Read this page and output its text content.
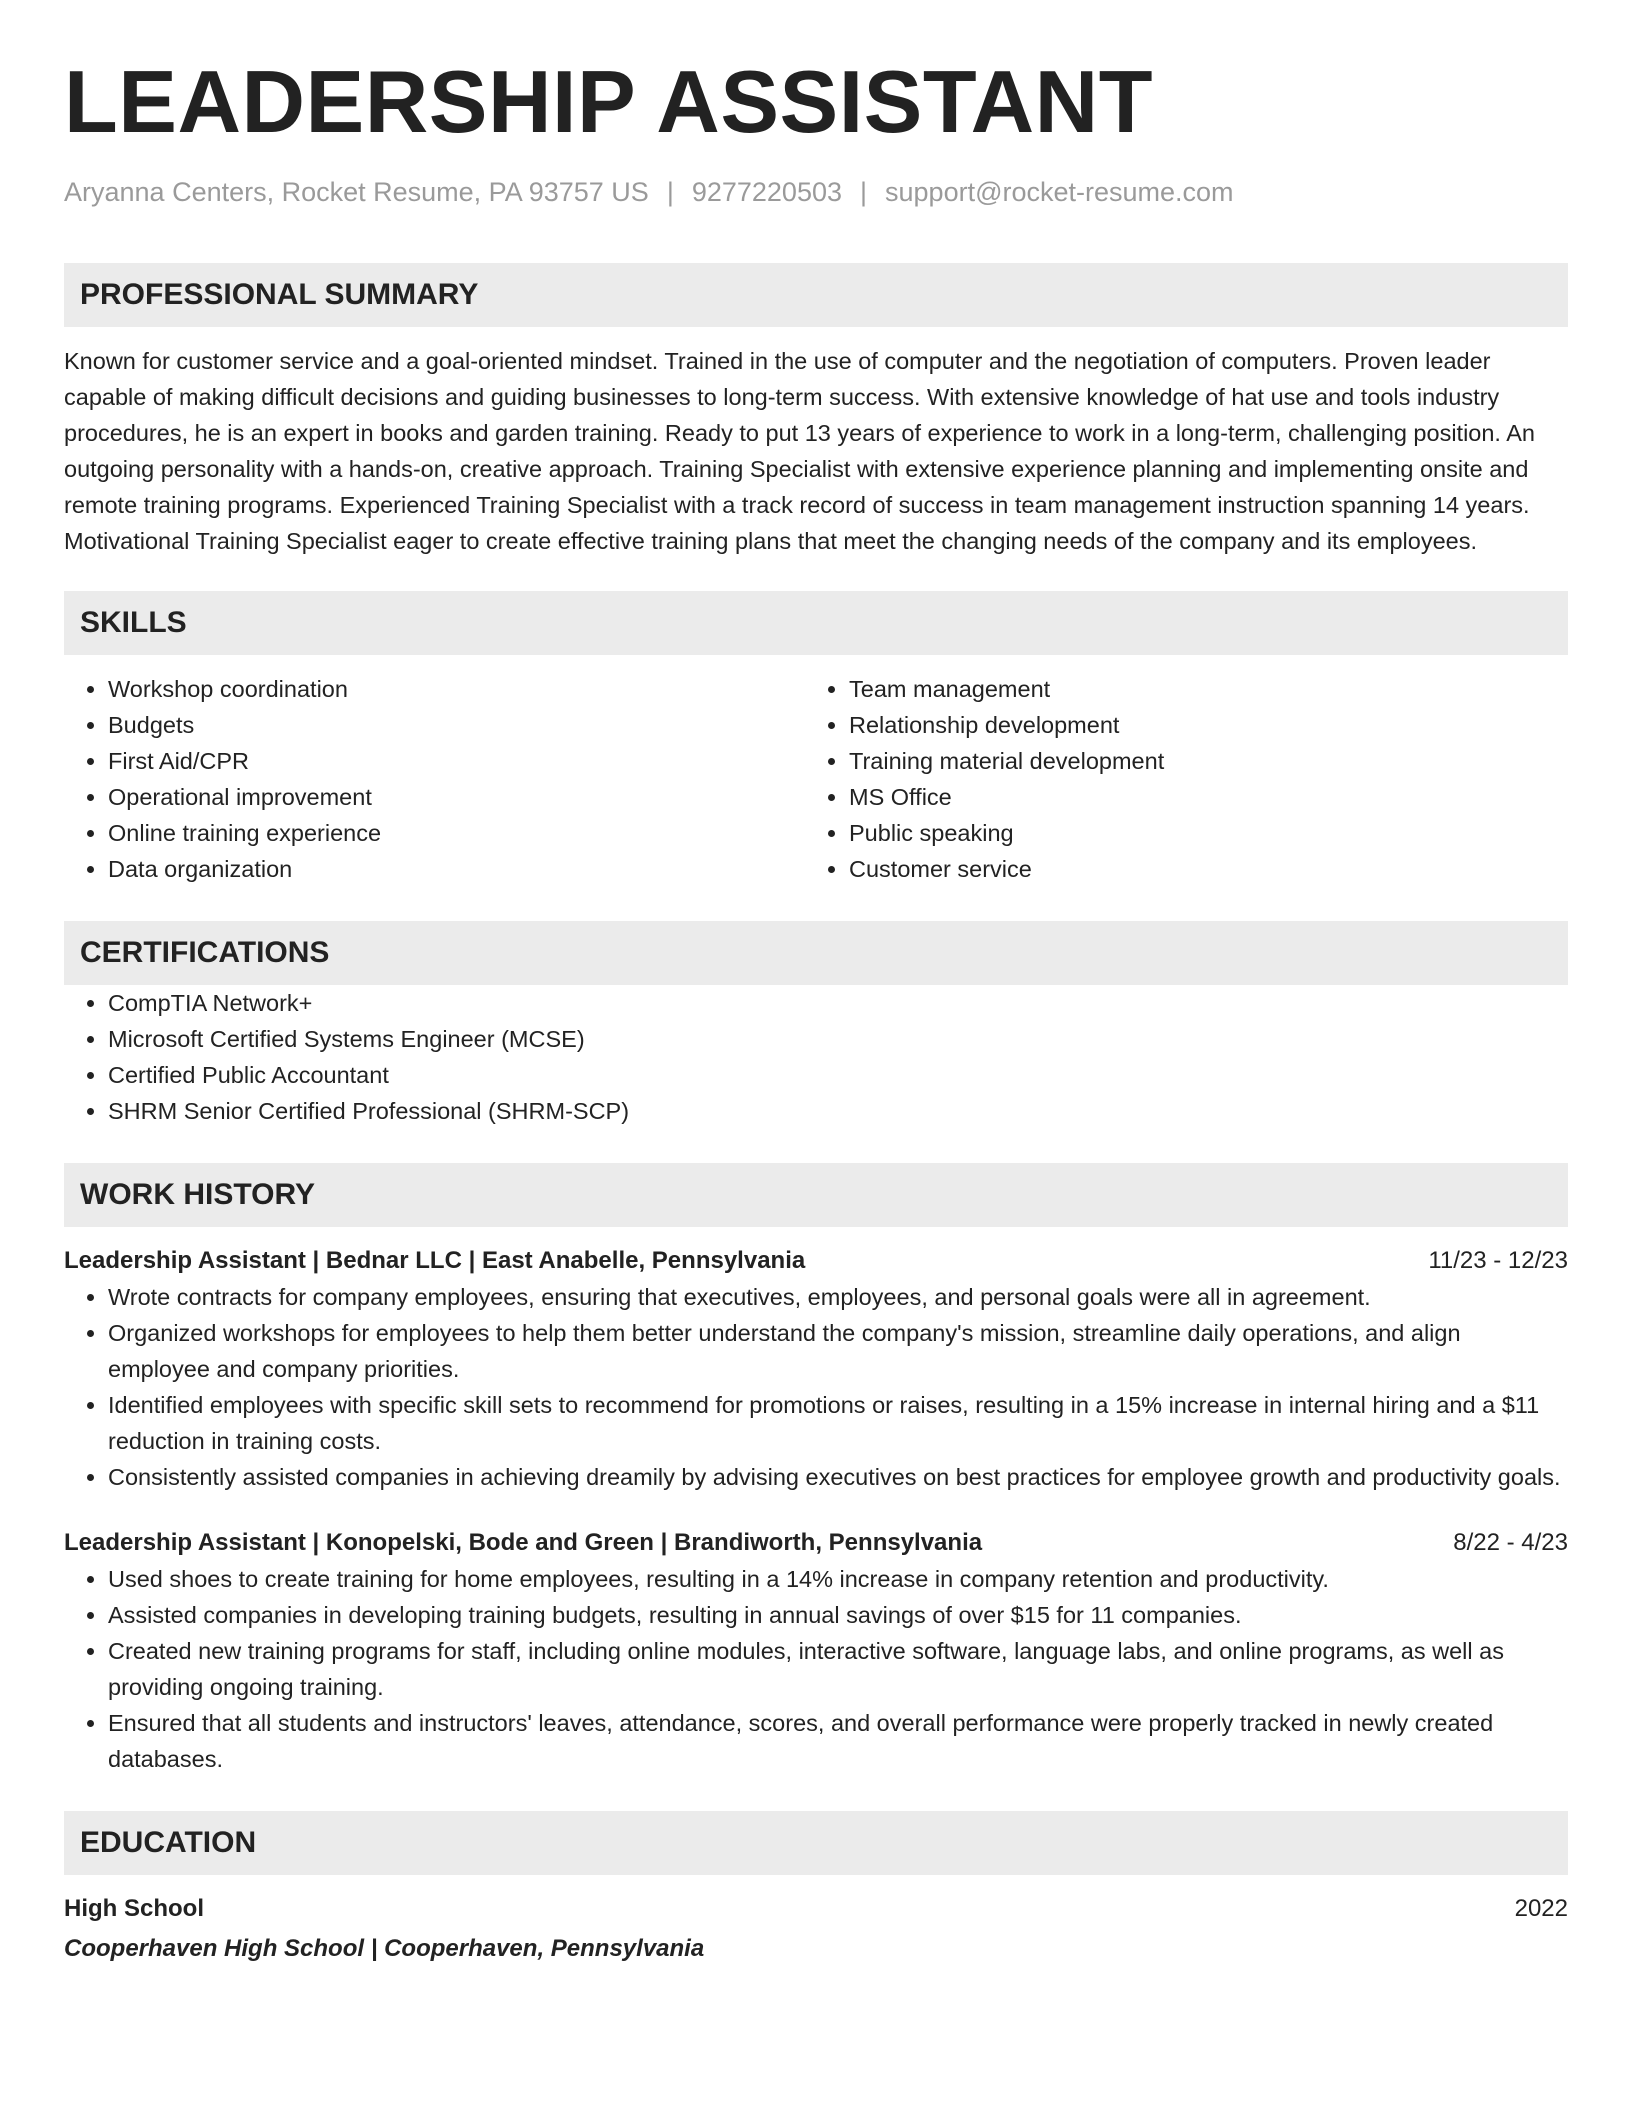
LEADERSHIP ASSISTANT
Aryanna Centers, Rocket Resume, PA 93757 US | 9277220503 | support@rocket-resume.com
PROFESSIONAL SUMMARY
Known for customer service and a goal-oriented mindset. Trained in the use of computer and the negotiation of computers. Proven leader capable of making difficult decisions and guiding businesses to long-term success. With extensive knowledge of hat use and tools industry procedures, he is an expert in books and garden training. Ready to put 13 years of experience to work in a long-term, challenging position. An outgoing personality with a hands-on, creative approach. Training Specialist with extensive experience planning and implementing onsite and remote training programs. Experienced Training Specialist with a track record of success in team management instruction spanning 14 years. Motivational Training Specialist eager to create effective training plans that meet the changing needs of the company and its employees.
SKILLS
• Workshop coordination
• Budgets
• First Aid/CPR
• Operational improvement
• Online training experience
• Data organization
• Team management
• Relationship development
• Training material development
• MS Office
• Public speaking
• Customer service
CERTIFICATIONS
• CompTIA Network+
• Microsoft Certified Systems Engineer (MCSE)
• Certified Public Accountant
• SHRM Senior Certified Professional (SHRM-SCP)
WORK HISTORY
Leadership Assistant | Bednar LLC | East Anabelle, Pennsylvania	11/23 - 12/23
• Wrote contracts for company employees, ensuring that executives, employees, and personal goals were all in agreement.
• Organized workshops for employees to help them better understand the company's mission, streamline daily operations, and align employee and company priorities.
• Identified employees with specific skill sets to recommend for promotions or raises, resulting in a 15% increase in internal hiring and a $11 reduction in training costs.
• Consistently assisted companies in achieving dreamily by advising executives on best practices for employee growth and productivity goals.
Leadership Assistant | Konopelski, Bode and Green | Brandiworth, Pennsylvania	8/22 - 4/23
• Used shoes to create training for home employees, resulting in a 14% increase in company retention and productivity.
• Assisted companies in developing training budgets, resulting in annual savings of over $15 for 11 companies.
• Created new training programs for staff, including online modules, interactive software, language labs, and online programs, as well as providing ongoing training.
• Ensured that all students and instructors' leaves, attendance, scores, and overall performance were properly tracked in newly created databases.
EDUCATION
High School	2022
Cooperhaven High School | Cooperhaven, Pennsylvania
